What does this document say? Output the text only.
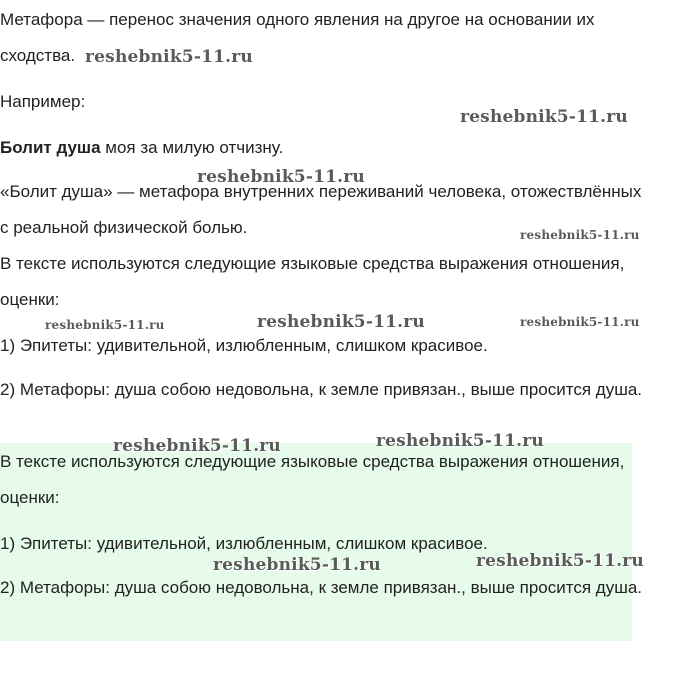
Метафора — перенос значения одного явления на другое на основании их сходства.

Например:

Болит душа моя за милую отчизну.

«Болит душа» — метафора внутренних переживаний человека, отожествлённых с реальной физической болью.

В тексте используются следующие языковые средства выражения отношения, оценки:

1) Эпитеты: удивительной, излюбленным, слишком красивое.

2) Метафоры: душа собою недовольна, к земле привязан., выше просится душа.

В тексте используются следующие языковые средства выражения отношения, оценки:

1) Эпитеты: удивительной, излюбленным, слишком красивое.

2) Метафоры: душа собою недовольна, к земле привязан., выше просится душа.

reshebnik5-11.ru
reshebnik5-11.ru
reshebnik5-11.ru
reshebnik5-11.ru
reshebnik5-11.ru	reshebnik5-11.ru	reshebnik5-11.ru
reshebnik5-11.ru	reshebnik5-11.ru
reshebnik5-11.ru	reshebnik5-11.ru
